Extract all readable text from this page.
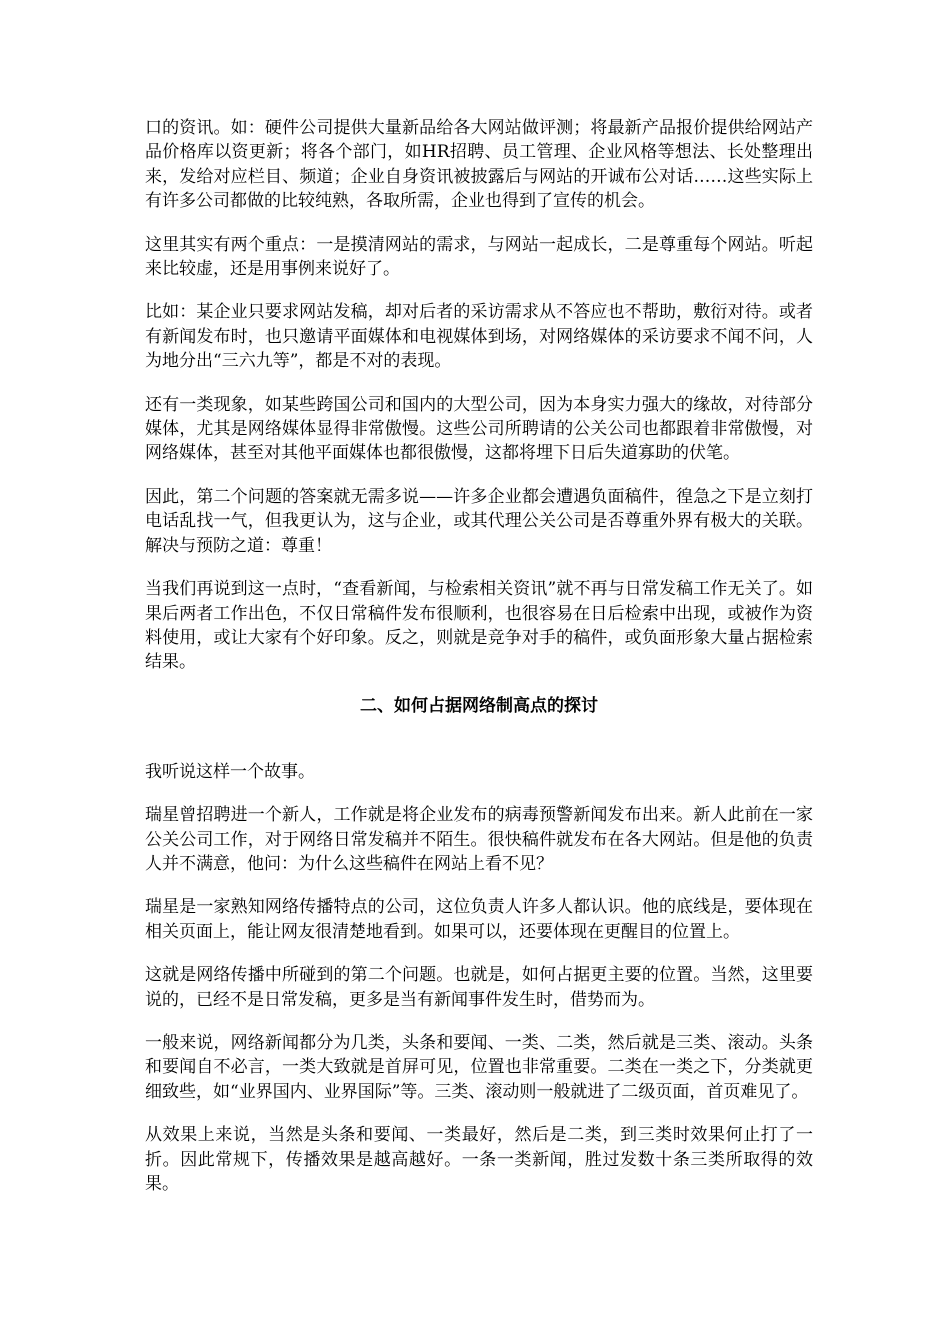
口的资讯。如：硬件公司提供大量新品给各大网站做评测；将最新产品报价提供给网站产品价格库以资更新；将各个部门，如HR招聘、员工管理、企业风格等想法、长处整理出来，发给对应栏目、频道；企业自身资讯被披露后与网站的开诚布公对话……这些实际上有许多公司都做的比较纯熟，各取所需，企业也得到了宣传的机会。

这里其实有两个重点：一是摸清网站的需求，与网站一起成长，二是尊重每个网站。听起来比较虚，还是用事例来说好了。

比如：某企业只要求网站发稿，却对后者的采访需求从不答应也不帮助，敷衍对待。或者有新闻发布时，也只邀请平面媒体和电视媒体到场，对网络媒体的采访要求不闻不问，人为地分出“三六九等”，都是不对的表现。

还有一类现象，如某些跨国公司和国内的大型公司，因为本身实力强大的缘故，对待部分媒体，尤其是网络媒体显得非常傲慢。这些公司所聘请的公关公司也都跟着非常傲慢，对网络媒体，甚至对其他平面媒体也都很傲慢，这都将埋下日后失道寡助的伏笔。

因此，第二个问题的答案就无需多说——许多企业都会遭遇负面稿件，徨急之下是立刻打电话乱找一气，但我更认为，这与企业，或其代理公关公司是否尊重外界有极大的关联。解决与预防之道：尊重！

当我们再说到这一点时，“查看新闻，与检索相关资讯”就不再与日常发稿工作无关了。如果后两者工作出色，不仅日常稿件发布很顺利，也很容易在日后检索中出现，或被作为资料使用，或让大家有个好印象。反之，则就是竞争对手的稿件，或负面形象大量占据检索结果。

二、如何占据网络制高点的探讨

我听说这样一个故事。

瑞星曾招聘进一个新人，工作就是将企业发布的病毒预警新闻发布出来。新人此前在一家公关公司工作，对于网络日常发稿并不陌生。很快稿件就发布在各大网站。但是他的负责人并不满意，他问：为什么这些稿件在网站上看不见？

瑞星是一家熟知网络传播特点的公司，这位负责人许多人都认识。他的底线是，要体现在相关页面上，能让网友很清楚地看到。如果可以，还要体现在更醒目的位置上。

这就是网络传播中所碰到的第二个问题。也就是，如何占据更主要的位置。当然，这里要说的，已经不是日常发稿，更多是当有新闻事件发生时，借势而为。

一般来说，网络新闻都分为几类，头条和要闻、一类、二类，然后就是三类、滚动。头条和要闻自不必言，一类大致就是首屏可见，位置也非常重要。二类在一类之下，分类就更细致些，如“业界国内、业界国际”等。三类、滚动则一般就进了二级页面，首页难见了。

从效果上来说，当然是头条和要闻、一类最好，然后是二类，到三类时效果何止打了一折。因此常规下，传播效果是越高越好。一条一类新闻，胜过发数十条三类所取得的效果。
